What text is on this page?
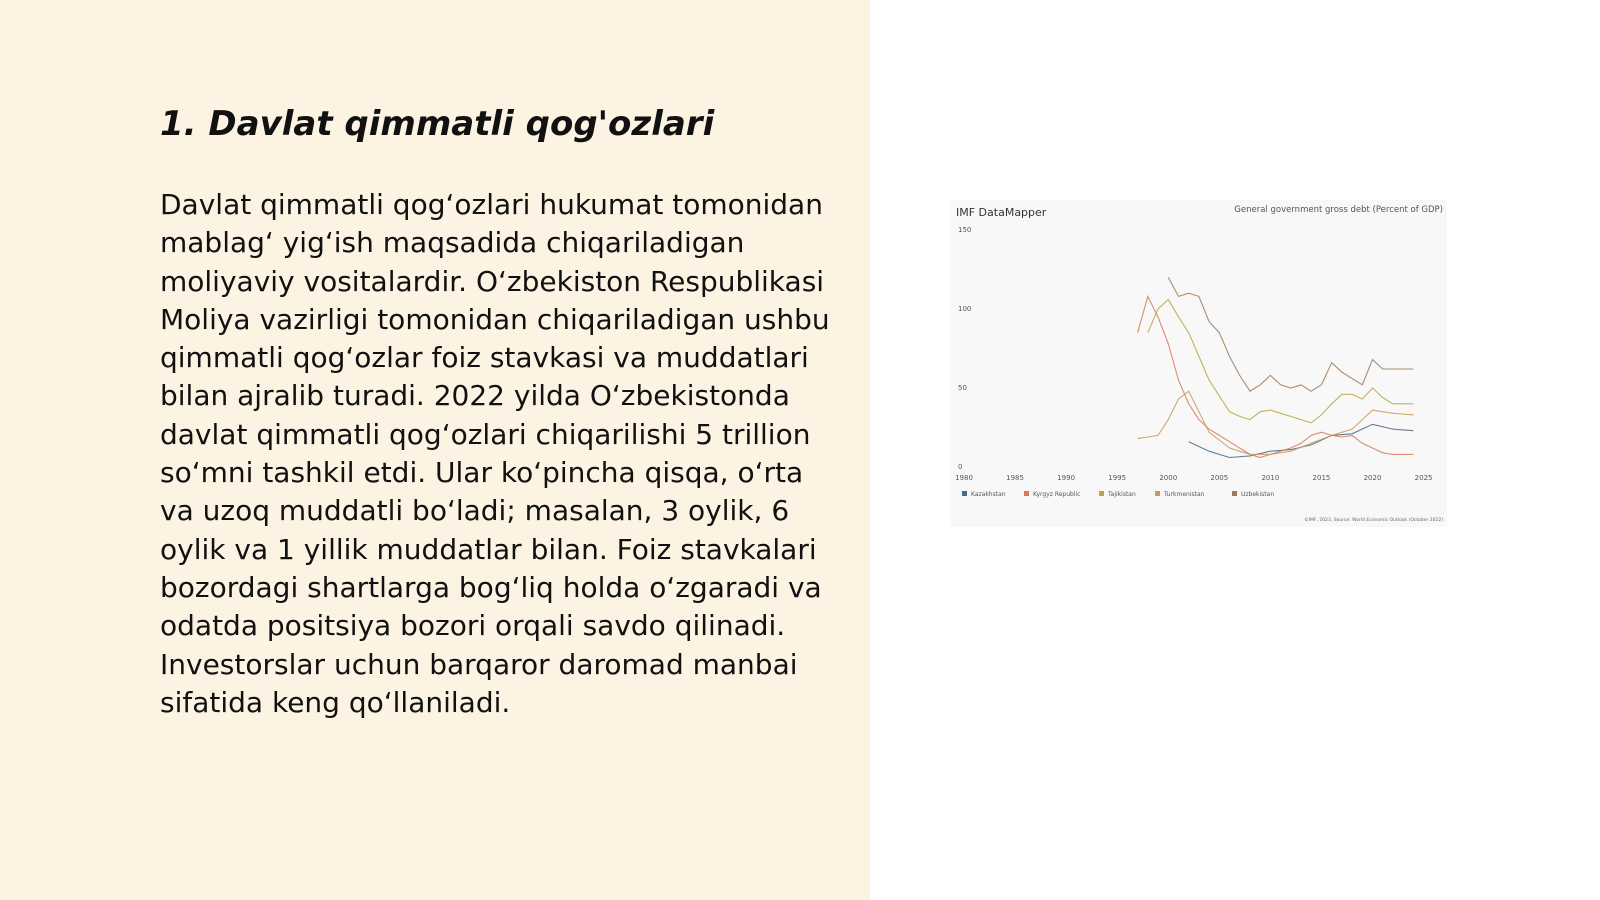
1. Davlat qimmatli qog'ozlari

Davlat qimmatli qog‘ozlari hukumat tomonidan mablag‘ yig‘ish maqsadida chiqariladigan moliyaviy vositalardir. O‘zbekiston Respublikasi Moliya vazirligi tomonidan chiqariladigan ushbu qimmatli qog‘ozlar foiz stavkasi va muddatlari bilan ajralib turadi. 2022 yilda O‘zbekistonda davlat qimmatli qog‘ozlari chiqarilishi 5 trillion so‘mni tashkil etdi. Ular ko‘pincha qisqa, o‘rta va uzoq muddatli bo‘ladi; masalan, 3 oylik, 6 oylik va 1 yillik muddatlar bilan. Foiz stavkalari bozordagi shartlarga bog‘liq holda o‘zgaradi va odatda positsiya bozori orqali savdo qilinadi. Investorslar uchun barqaror daromad manbai sifatida keng qo‘llaniladi.

IMF DataMapper	General government gross debt (Percent of GDP)
0
50
100
150
1980	1985	1990	1995	2000	2005	2010	2015	2020	2025
Kazakhstan	Kyrgyz Republic	Tajikistan	Turkmenistan	Uzbekistan
©IMF, 2023, Source: World Economic Outlook (October 2022)
